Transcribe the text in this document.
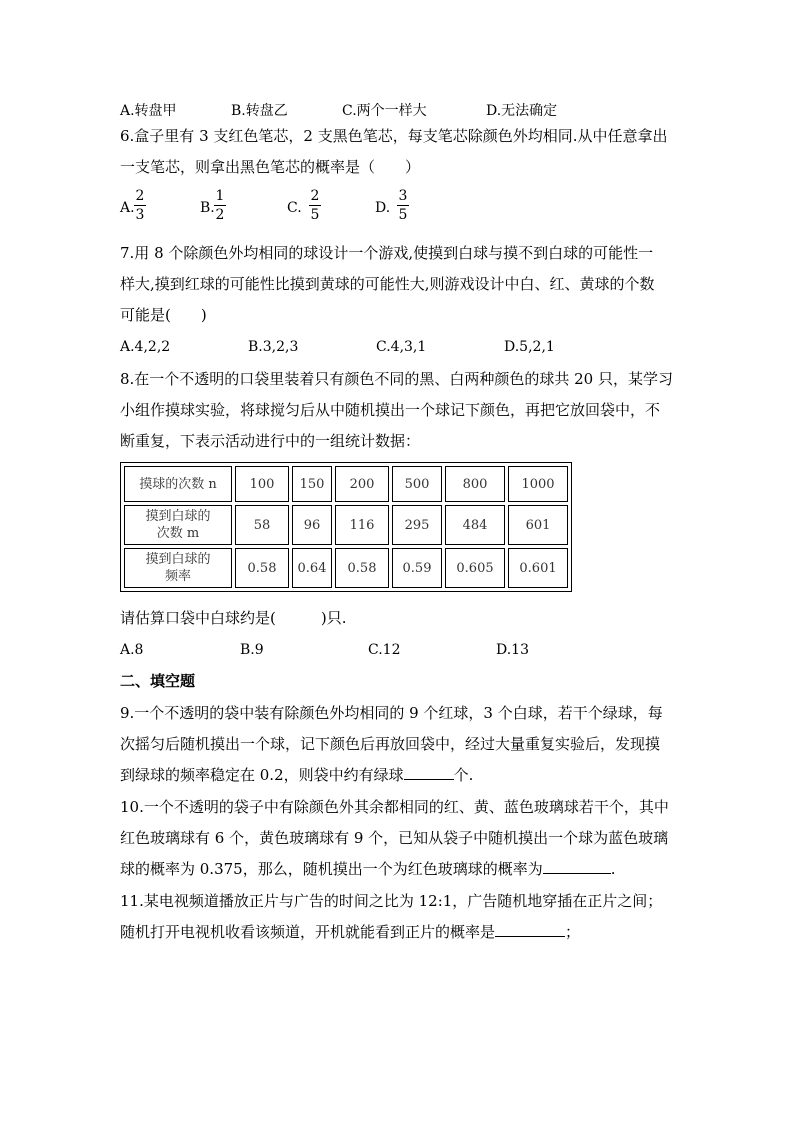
A.转盘甲	B.转盘乙	C.两个一样大	D.无法确定
6.盒子里有 3 支红色笔芯，2 支黑色笔芯，每支笔芯除颜色外均相同.从中任意拿出
一支笔芯，则拿出黑色笔芯的概率是（　　）
A.
2
3	B.
1
2	C.
2
5	D.
3
5
7.用 8 个除颜色外均相同的球设计一个游戏,使摸到白球与摸不到白球的可能性一
样大,摸到红球的可能性比摸到黄球的可能性大,则游戏设计中白、红、黄球的个数
可能是(　　)
A.4,2,2	B.3,2,3	C.4,3,1	D.5,2,1
8.在一个不透明的口袋里装着只有颜色不同的黑、白两种颜色的球共 20 只，某学习
小组作摸球实验，将球搅匀后从中随机摸出一个球记下颜色，再把它放回袋中，不
断重复，下表示活动进行中的一组统计数据：
摸球的次数 n	100	150	200	500	800	1000

摸到白球的
次数 m	58	96	116	295	484	601

摸到白球的
频率	0.58	0.64	0.58	0.59	0.605	0.601
请估算口袋中白球约是(　　　)只.
A.8	B.9	C.12	D.13
二、填空题
9.一个不透明的袋中装有除颜色外均相同的 9 个红球，3 个白球，若干个绿球，每
次摇匀后随机摸出一个球，记下颜色后再放回袋中，经过大量重复实验后，发现摸
到绿球的频率稳定在 0.2，则袋中约有绿球	个.
10.一个不透明的袋子中有除颜色外其余都相同的红、黄、蓝色玻璃球若干个，其中
红色玻璃球有 6 个，黄色玻璃球有 9 个，已知从袋子中随机摸出一个球为蓝色玻璃
球的概率为 0.375，那么，随机摸出一个为红色玻璃球的概率为	.
11.某电视频道播放正片与广告的时间之比为 12:1，广告随机地穿插在正片之间；
随机打开电视机收看该频道，开机就能看到正片的概率是	；
